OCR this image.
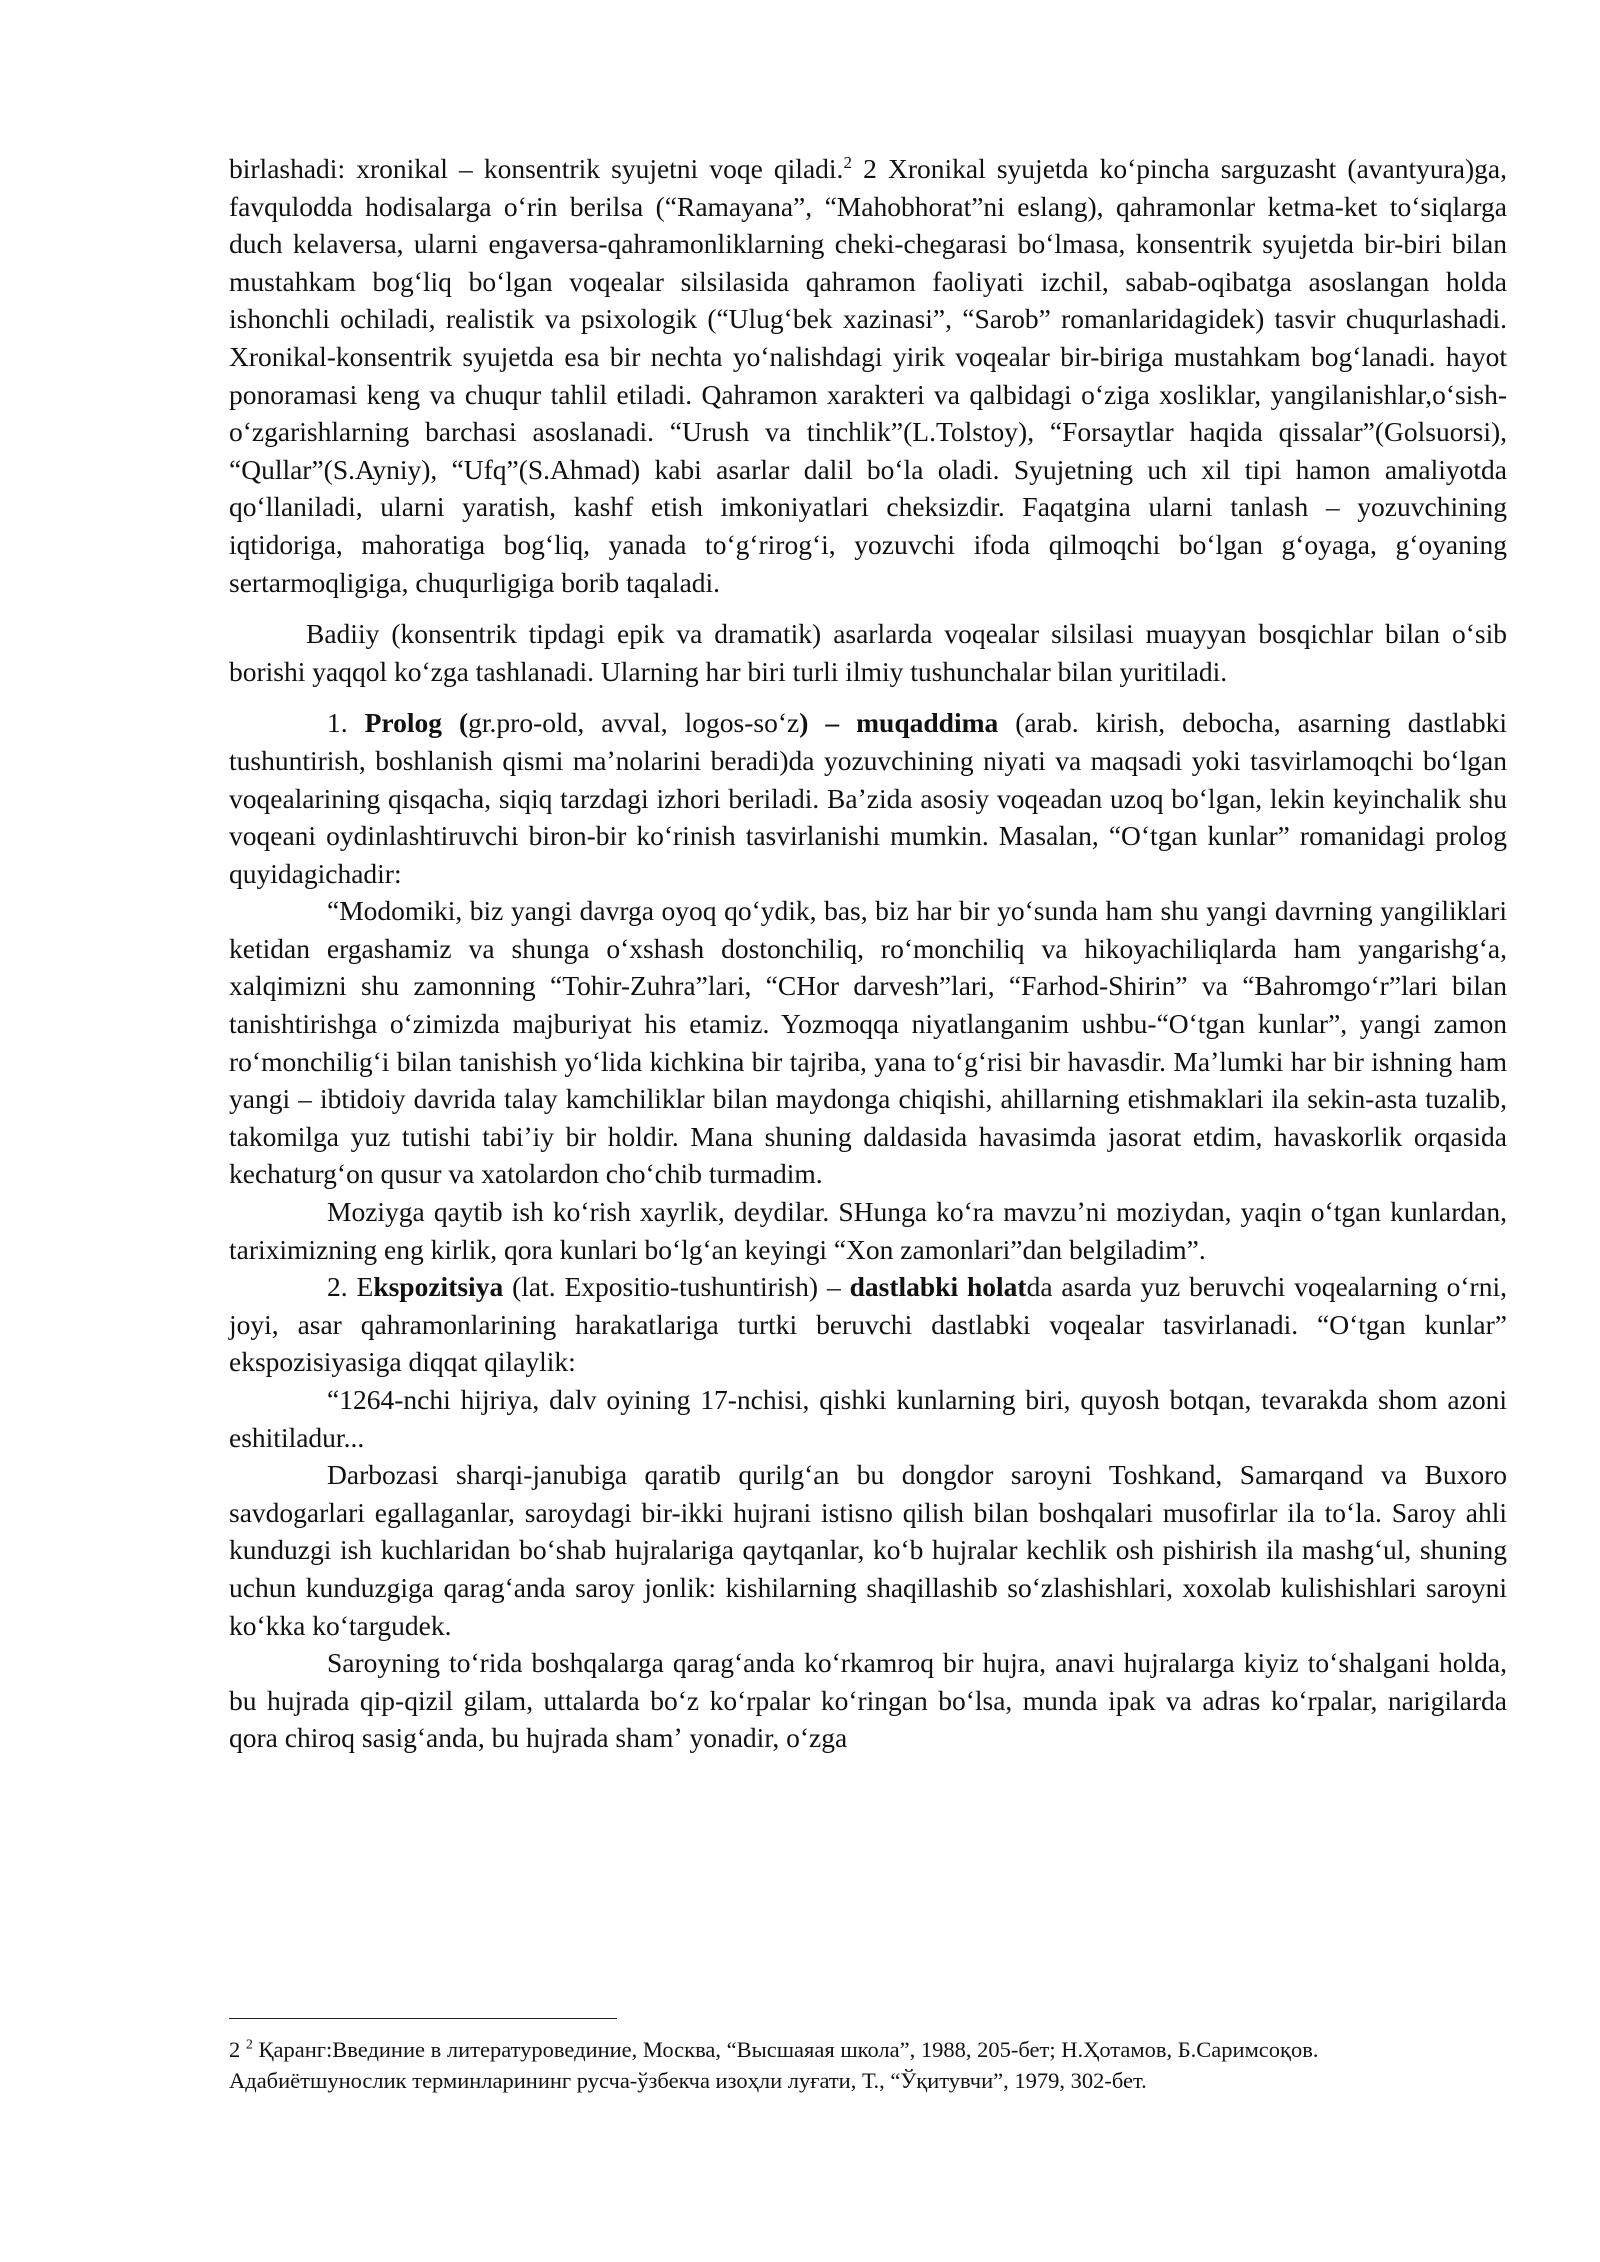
birlashadi: xronikal – konsentrik syujetni voqe qiladi.$^2$ 2 Xronikal syujetda koʻpincha sarguzasht (avantyura)ga, favqulodda hodisalarga oʻrin berilsa (“Ramayana”, “Mahobhorat”ni eslang), qahramonlar ketma-ket toʻsiqlarga duch kelaversa, ularni engaversa-qahramonliklarning cheki-chegarasi boʻlmasa, konsentrik syujetda bir-biri bilan mustahkam bogʻliq boʻlgan voqealar silsilasida qahramon faoliyati izchil, sabab-oqibatga asoslangan holda ishonchli ochiladi, realistik va psixologik (“Ulugʻbek xazinasi”, “Sarob” romanlaridagidek) tasvir chuqurlashadi. Xronikal-konsentrik syujetda esa bir nechta yoʻnalishdagi yirik voqealar bir-biriga mustahkam bogʻlanadi. hayot ponoramasi keng va chuqur tahlil etiladi. Qahramon xarakteri va qalbidagi oʻziga xosliklar, yangilanishlar,oʻsish-oʻzgarishlarning barchasi asoslanadi. “Urush va tinchlik”(L.Tolstoy), “Forsaytlar haqida qissalar”(Golsuorsi), “Qullar”(S.Ayniy), “Ufq”(S.Ahmad) kabi asarlar dalil boʻla oladi. Syujetning uch xil tipi hamon amaliyotda qoʻllaniladi, ularni yaratish, kashf etish imkoniyatlari cheksizdir. Faqatgina ularni tanlash – yozuvchining iqtidoriga, mahoratiga bogʻliq, yanada toʻgʻrirogʻi, yozuvchi ifoda qilmoqchi boʻlgan gʻoyaga, gʻoyaning sertarmoqligiga, chuqurligiga borib taqaladi.

Badiiy (konsentrik tipdagi epik va dramatik) asarlarda voqealar silsilasi muayyan bosqichlar bilan oʻsib borishi yaqqol koʻzga tashlanadi. Ularning har biri turli ilmiy tushunchalar bilan yuritiladi.

1. Prolog (gr.pro-old, avval, logos-soʻz) – muqaddima (arab. kirish, debocha, asarning dastlabki tushuntirish, boshlanish qismi maʼnolarini beradi)da yozuvchining niyati va maqsadi yoki tasvirlamoqchi boʻlgan voqealarining qisqacha, siqiq tarzdagi izhori beriladi. Baʼzida asosiy voqeadan uzoq boʻlgan, lekin keyinchalik shu voqeani oydinlashtiruvchi biron-bir koʻrinish tasvirlanishi mumkin. Masalan, “Oʻtgan kunlar” romanidagi prolog quyidagichadir:

“Modomiki, biz yangi davrga oyoq qoʻydik, bas, biz har bir yoʻsunda ham shu yangi davrning yangiliklari ketidan ergashamiz va shunga oʻxshash dostonchiliq, roʻmonchiliq va hikoyachiliqlarda ham yangarishgʻa, xalqimizni shu zamonning “Tohir-Zuhra”lari, “CHor darvesh”lari, “Farhod-Shirin” va “Bahromgoʻr”lari bilan tanishtirishga oʻzimizda majburiyat his etamiz. Yozmoqqa niyatlanganim ushbu-“Oʻtgan kunlar”, yangi zamon roʻmonchiligʻi bilan tanishish yoʻlida kichkina bir tajriba, yana toʻgʻrisi bir havasdir. Maʼlumki har bir ishning ham yangi – ibtidoiy davrida talay kamchiliklar bilan maydonga chiqishi, ahillarning etishmaklari ila sekin-asta tuzalib, takomilga yuz tutishi tabiʼiy bir holdir. Mana shuning daldasida havasimda jasorat etdim, havaskorlik orqasida kechaturgʻon qusur va xatolardon choʻchib turmadim.

Moziyga qaytib ish koʻrish xayrlik, deydilar. SHunga koʻra mavzuʼni moziydan, yaqin oʻtgan kunlardan, tariximizning eng kirlik, qora kunlari boʻlgʻan keyingi “Xon zamonlari”dan belgiladim”.

2. Ekspozitsiya (lat. Expositio-tushuntirish) – dastlabki holatda asarda yuz beruvchi voqealarning oʻrni, joyi, asar qahramonlarining harakatlariga turtki beruvchi dastlabki voqealar tasvirlanadi. “Oʻtgan kunlar” ekspozisiyasiga diqqat qilaylik:

“1264-nchi hijriya, dalv oyining 17-nchisi, qishki kunlarning biri, quyosh botqan, tevarakda shom azoni eshitiladur...

Darbozasi sharqi-janubiga qaratib qurilgʻan bu dongdor saroyni Toshkand, Samarqand va Buxoro savdogarlari egallaganlar, saroydagi bir-ikki hujrani istisno qilish bilan boshqalari musofirlar ila toʻla. Saroy ahli kunduzgi ish kuchlaridan boʻshab hujralariga qaytqanlar, koʻb hujralar kechlik osh pishirish ila mashgʻul, shuning uchun kunduzgiga qaragʻanda saroy jonlik: kishilarning shaqillashib soʻzlashishlari, xoxolab kulishishlari saroyni koʻkka koʻtargudek.

Saroyning toʻrida boshqalarga qaragʻanda koʻrkamroq bir hujra, anavi hujralarga kiyiz toʻshalgani holda, bu hujrada qip-qizil gilam, uttalarda boʻz koʻrpalar koʻringan boʻlsa, munda ipak va adras koʻrpalar, narigilarda qora chiroq sasigʻanda, bu hujrada shamʼ yonadir, oʻzga

2 $^2$ Қаранг:Введиние в литературовединие, Москва, “Высшаяая школа”, 1988, 205-бет; Н.Ҳотамов, Б.Саримсоқов. Адабиётшунослик терминларининг русча-ўзбекча изоҳли луғати, Т., “Ўқитувчи”, 1979, 302-бет.
